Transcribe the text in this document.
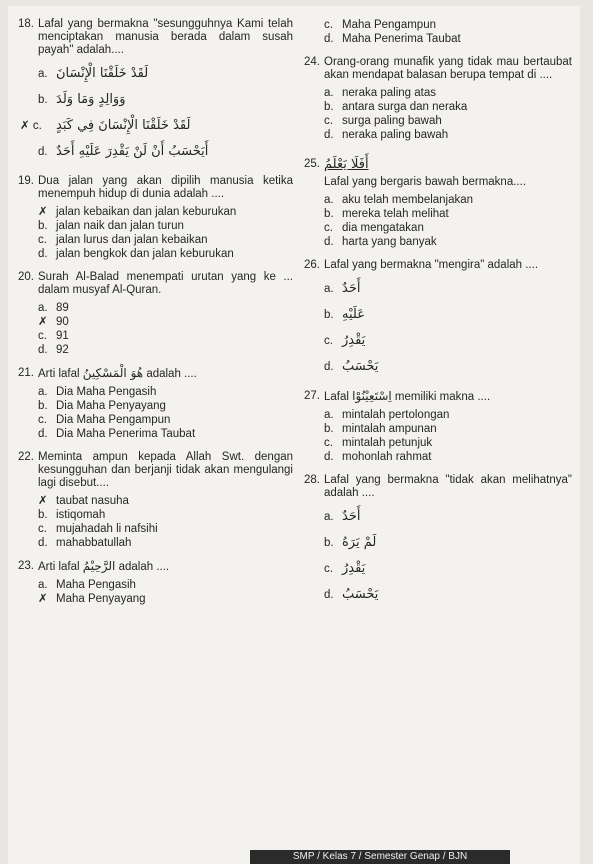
18. Lafal yang bermakna "sesungguhnya Kami telah menciptakan manusia berada dalam susah payah" adalah....
a. لَقَدْ خَلَقْنَا الْإِنْسَانَ
b. وَوَالِدٍ وَمَا وَلَدَ
✗ c.	لَقَدْ خَلَقْنَا الْإِنْسَانَ فِي كَبَدٍ
d. أَيَحْسَبُ أَنْ لَنْ يَقْدِرَ عَلَيْهِ أَحَدٌ
19. Dua jalan yang akan dipilih manusia ketika menempuh hidup di dunia adalah ....
✗ jalan kebaikan dan jalan keburukan
b. jalan naik dan jalan turun
c. jalan lurus dan jalan kebaikan
d. jalan bengkok dan jalan keburukan
20. Surah Al-Balad menempati urutan yang ke ... dalam musyaf Al-Quran.
a. 89
✗ 90
c. 91
d. 92
21. Arti lafal هُوَ الْمَسْكِينُ adalah ....
a. Dia Maha Pengasih
b. Dia Maha Penyayang
c. Dia Maha Pengampun
d. Dia Maha Penerima Taubat
22. Meminta ampun kepada Allah Swt. dengan kesungguhan dan berjanji tidak akan mengulangi lagi disebut....
✗ taubat nasuha
b. istiqomah
c. mujahadah li nafsihi
d. mahabbatullah
23. Arti lafal الرَّحِيْمُ adalah ....
a. Maha Pengasih
✗ Maha Penyayang
c. Maha Pengampun
d. Maha Penerima Taubat
24. Orang-orang munafik yang tidak mau bertaubat akan mendapat balasan berupa tempat di ....
a. neraka paling atas
b. antara surga dan neraka
c. surga paling bawah
d. neraka paling bawah
25. أَفَلَا يَعْلَمُ
Lafal yang bergaris bawah bermakna....
a. aku telah membelanjakan
b. mereka telah melihat
c. dia mengatakan
d. harta yang banyak
26. Lafal yang bermakna "mengira" adalah ....
a. أَحَدٌ
b. عَلَيْهِ
c. يَقْدِرُ
d. يَحْسَبُ
27. Lafal اِسْتَعِيْنُوْا memiliki makna ....
a. mintalah pertolongan
b. mintalah ampunan
c. mintalah petunjuk
d. mohonlah rahmat
28. Lafal yang bermakna "tidak akan melihatnya" adalah ....
a. أَحَدٌ
b. لَمْ يَرَهُ
c. يَقْدِرُ
d. يَحْسَبُ
SMP / Kelas 7 / Semester Genap / BJN
